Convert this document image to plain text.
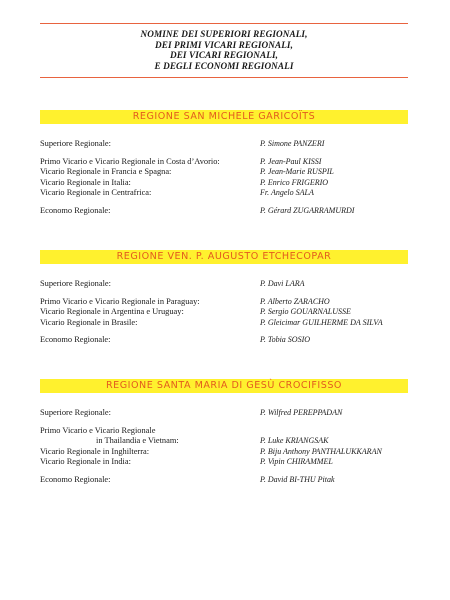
NOMINE DEI SUPERIORI REGIONALI,
DEI PRIMI VICARI REGIONALI,
DEI VICARI REGIONALI,
E DEGLI ECONOMI REGIONALI
REGIONE SAN MICHELE GARICOÏTS
Superiore Regionale:	P. Simone PANZERI
Primo Vicario e Vicario Regionale in Costa d’Avorio:	P. Jean-Paul KISSI
Vicario Regionale in Francia e Spagna:	P. Jean-Marie RUSPIL
Vicario Regionale in Italia:	P. Enrico FRIGERIO
Vicario Regionale in Centrafrica:	Fr. Angelo SALA
Economo Regionale:	P. Gérard ZUGARRAMURDI
REGIONE VEN. P. AUGUSTO ETCHECOPAR
Superiore Regionale:	P. Davi LARA
Primo Vicario e Vicario Regionale in Paraguay:	P. Alberto ZARACHO
Vicario Regionale in Argentina e Uruguay:	P. Sergio GOUARNALUSSE
Vicario Regionale in Brasile:	P. Gleicimar GUILHERME DA SILVA
Economo Regionale:	P. Tobia SOSIO
REGIONE SANTA MARIA DI GESÙ CROCIFISSO
Superiore Regionale:	P. Wilfred PEREPPADAN
Primo Vicario e Vicario Regionale
in Thailandia e Vietnam:	P. Luke KRIANGSAK
Vicario Regionale in Inghilterra:	P. Biju Anthony PANTHALUKKARAN
Vicario Regionale in India:	P. Vipin CHIRAMMEL
Economo Regionale:	P. David BI-THU Pitak
